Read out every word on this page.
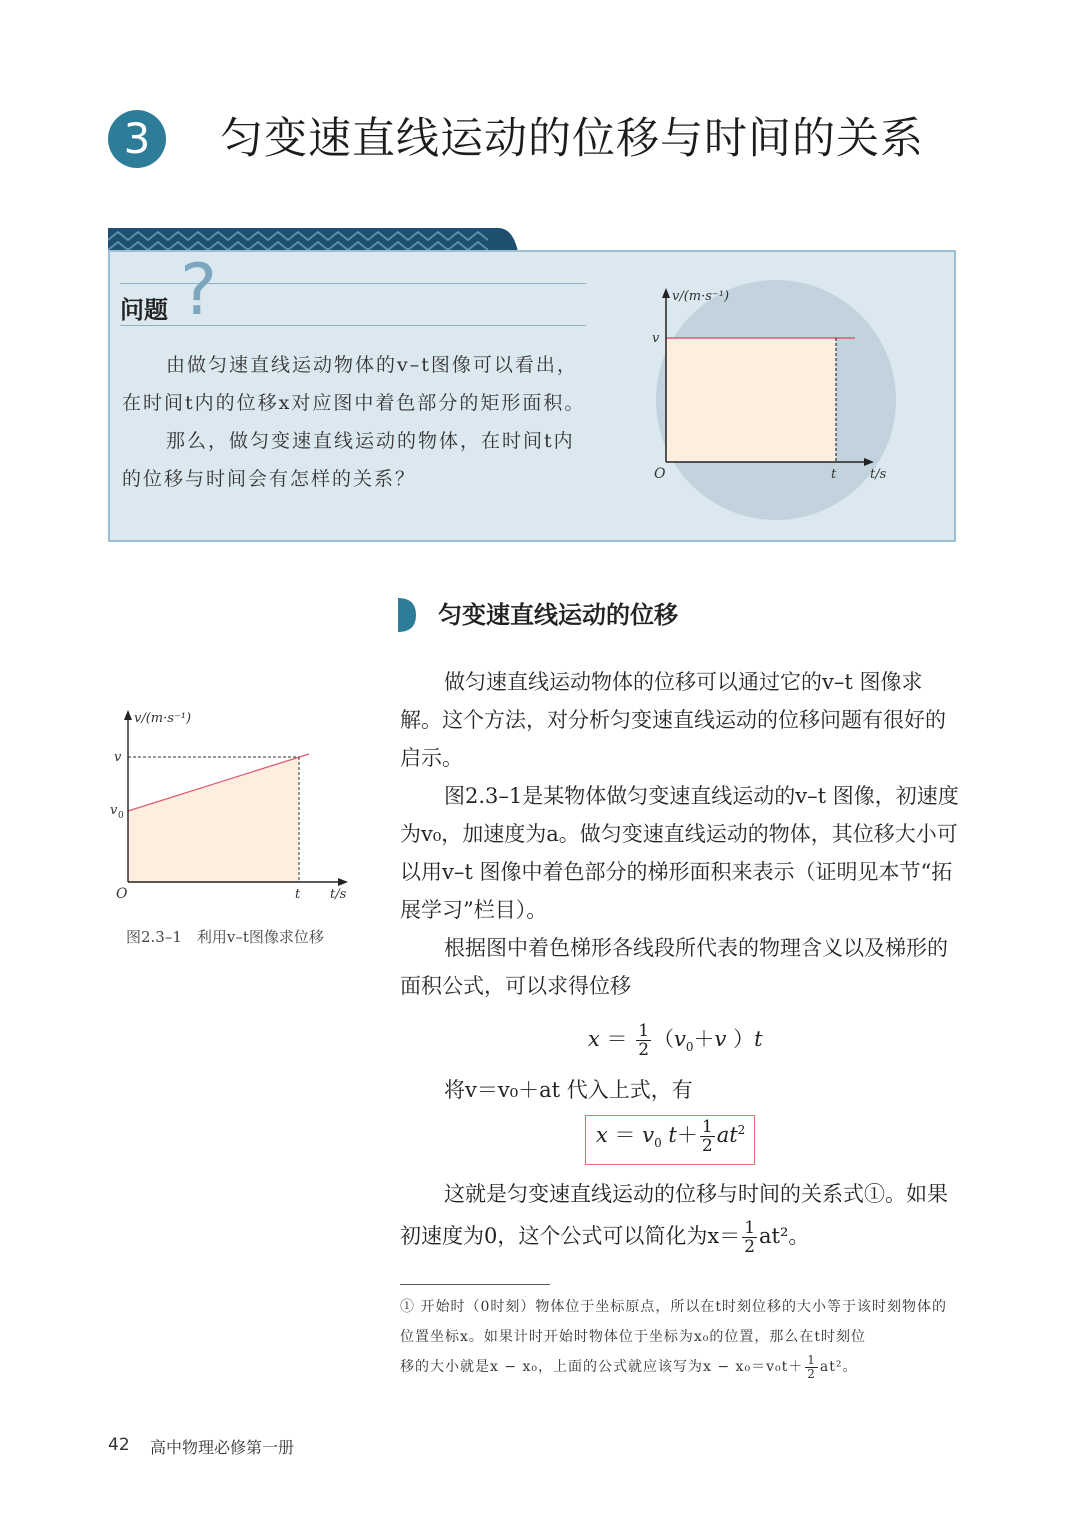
3	匀变速直线运动的位移与时间的关系
问题 ?

由做匀速直线运动物体的v–t图像可以看出，在时间t内的位移x对应图中着色部分的矩形面积。

那么，做匀变速直线运动的物体，在时间t内的位移与时间会有怎样的关系？

v/(m·s⁻¹)
v
O	t	t/s
匀变速直线运动的位移
v/(m·s⁻¹)
v
v 0
O	t t/s
图2.3–1　利用v–t图像求位移

做匀速直线运动物体的位移可以通过它的v–t 图像求解。这个方法，对分析匀变速直线运动的位移问题有很好的启示。

图2.3–1是某物体做匀变速直线运动的v–t 图像，初速度为v₀，加速度为a。做匀变速直线运动的物体，其位移大小可以用v–t 图像中着色部分的梯形面积来表示（证明见本节“拓展学习”栏目）。

根据图中着色梯形各线段所代表的物理含义以及梯形的面积公式，可以求得位移

$x = \frac{1}{2} (v_0+v$ ）t
将v＝v₀＋at 代入上式，有
$x = v_0$ $t+ \frac{1}{2} at^2$

这就是匀变速直线运动的位移与时间的关系式①。如果

初速度为0，这个公式可以简化为$x= \frac{1}{2} at^2$。

① 开始时（0时刻）物体位于坐标原点，所以在t时刻位移的大小等于该时刻物体的位置坐标x。如果计时开始时物体位于坐标为x₀的位置，那么在t时刻位

移的大小就是x − x₀，上面的公式就应该写为$x - x_0=v_0t+ \frac{1}{2} at^2$。

42 高中物理必修第一册
